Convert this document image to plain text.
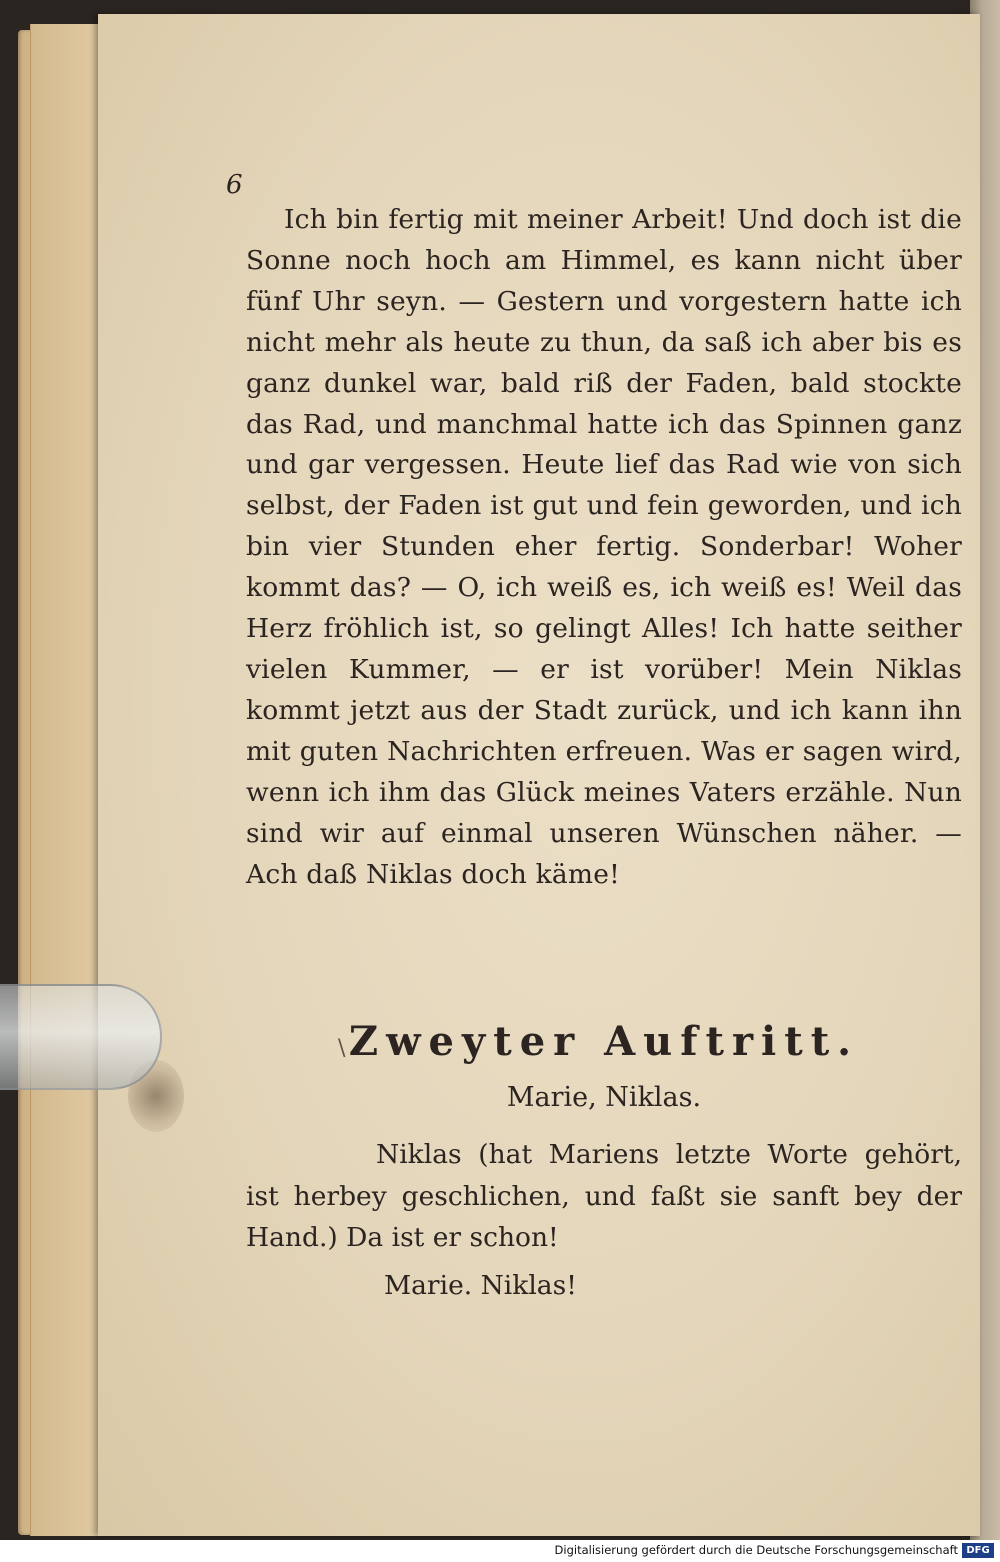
6

Ich bin fertig mit meiner Arbeit! Und doch ist die Sonne noch hoch am Himmel, es kann nicht über fünf Uhr seyn. — Gestern und vorgestern hatte ich nicht mehr als heute zu thun, da saß ich aber bis es ganz dunkel war, bald riß der Faden, bald stockte das Rad, und manchmal hatte ich das Spinnen ganz und gar vergessen. Heute lief das Rad wie von sich selbst, der Faden ist gut und fein geworden, und ich bin vier Stunden eher fertig. Sonderbar! Woher kommt das? — O, ich weiß es, ich weiß es! Weil das Herz fröhlich ist, so gelingt Alles! Ich hatte seither vielen Kummer, — er ist vorüber! Mein Niklas kommt jetzt aus der Stadt zurück, und ich kann ihn mit guten Nachrichten erfreuen. Was er sagen wird, wenn ich ihm das Glück meines Vaters erzähle. Nun sind wir auf einmal unseren Wünschen näher. — Ach daß Niklas doch käme!

\ Zweyter Auftritt.
Marie, Niklas.

Niklas (hat Mariens letzte Worte gehört, ist herbey geschlichen, und faßt sie sanft bey der Hand.) Da ist er schon!

Marie. Niklas!
Digitalisierung gefördert durch die Deutsche Forschungsgemeinschaft DFG
